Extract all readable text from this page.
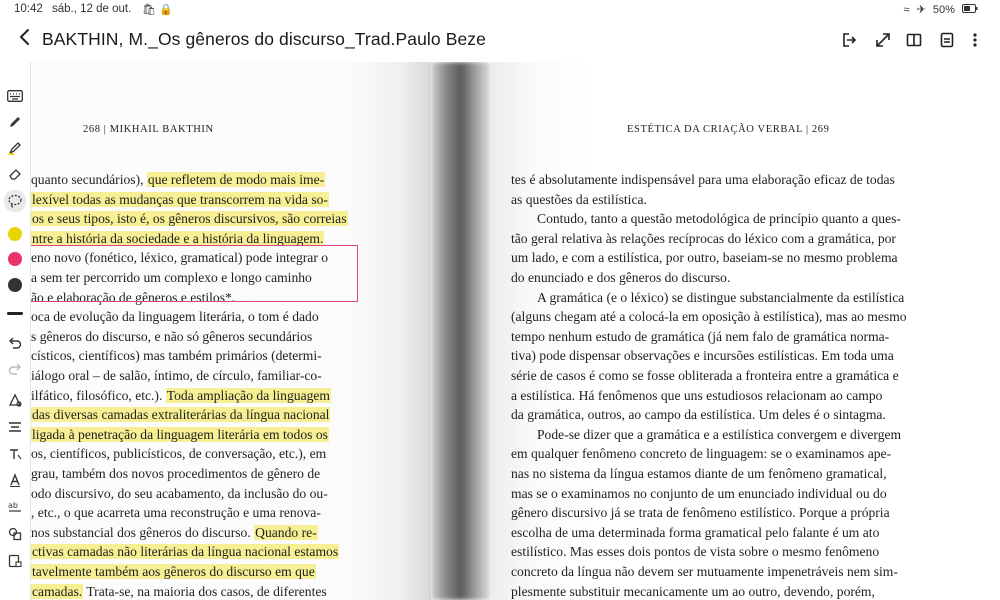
10:42 sáb., 12 de out. 🛍 🔒	≈ ✈ 50%
BAKTHIN, M._Os gêneros do discurso_Trad.Paulo Beze
ab
268 | MIKHAIL BAKTHIN
quanto secundários), que refletem de modo mais ime-
lexível todas as mudanças que transcorrem na vida so-
os e seus tipos, isto é, os gêneros discursivos, são correias
ntre a história da sociedade e a história da linguagem.
eno novo (fonético, léxico, gramatical) pode integrar o
a sem ter percorrido um complexo e longo caminho
ão e elaboração de gêneros e estilos*.
oca de evolução da linguagem literária, o tom é dado
s gêneros do discurso, e não só gêneros secundários
císticos, científicos) mas também primários (determi-
iálogo oral – de salão, íntimo, de círculo, familiar-co-
ilfático, filosófico, etc.). Toda ampliação da linguagem
das diversas camadas extraliterárias da língua nacional
ligada à penetração da linguagem literária em todos os
os, científicos, publicísticos, de conversação, etc.), em
grau, também dos novos procedimentos de gênero de
odo discursivo, do seu acabamento, da inclusão do ou-
, etc., o que acarreta uma reconstrução e uma renova-
nos substancial dos gêneros do discurso. Quando re-
ctivas camadas não literárias da língua nacional estamos
tavelmente também aos gêneros do discurso em que
camadas. Trata-se, na maioria dos casos, de diferentes
ESTÉTICA DA CRIAÇÃO VERBAL | 269
tes é absolutamente indispensável para uma elaboração eficaz de todas
as questões da estilística.
Contudo, tanto a questão metodológica de princípio quanto a ques-
tão geral relativa às relações recíprocas do léxico com a gramática, por
um lado, e com a estilística, por outro, baseiam-se no mesmo problema
do enunciado e dos gêneros do discurso.
A gramática (e o léxico) se distingue substancialmente da estilística
(alguns chegam até a colocá-la em oposição à estilística), mas ao mesmo
tempo nenhum estudo de gramática (já nem falo de gramática norma-
tiva) pode dispensar observações e incursões estilísticas. Em toda uma
série de casos é como se fosse obliterada a fronteira entre a gramática e
a estilística. Há fenômenos que uns estudiosos relacionam ao campo
da gramática, outros, ao campo da estilística. Um deles é o sintagma.
Pode-se dizer que a gramática e a estilística convergem e divergem
em qualquer fenômeno concreto de linguagem: se o examinamos ape-
nas no sistema da língua estamos diante de um fenômeno gramatical,
mas se o examinamos no conjunto de um enunciado individual ou do
gênero discursivo já se trata de fenômeno estilístico. Porque a própria
escolha de uma determinada forma gramatical pelo falante é um ato
estilístico. Mas esses dois pontos de vista sobre o mesmo fenômeno
concreto da língua não devem ser mutuamente impenetráveis nem sim-
plesmente substituir mecanicamente um ao outro, devendo, porém,
